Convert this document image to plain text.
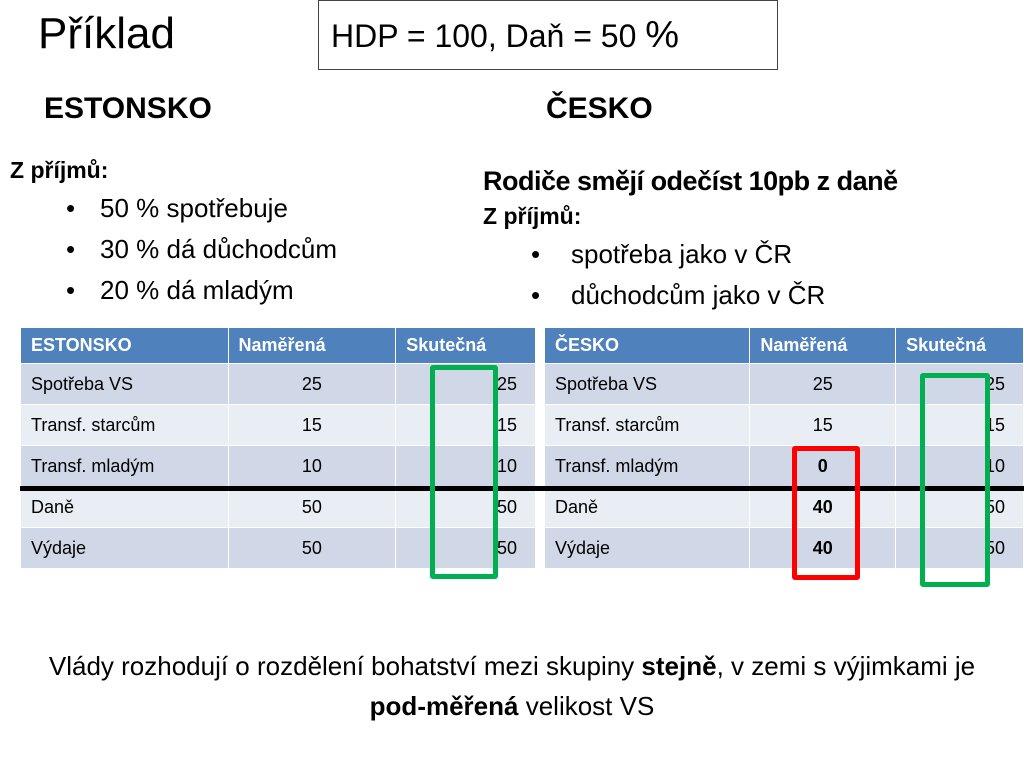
Příklad	HDP = 100, Daň = 50 %
ESTONSKO	ČESKO
Z příjmů:
• 50 % spotřebuje
• 30 % dá důchodcům
• 20 % dá mladým
Rodiče smějí odečíst 10pb z daně
Z příjmů:
• spotřeba jako v ČR
• důchodcům jako v ČR
ESTONSKO	Naměřená	Skutečná
Spotřeba VS	25	25
Transf. starcům	15	15
Transf. mladým	10	10
Daně	50	50
Výdaje	50	50
ČESKO	Naměřená	Skutečná
Spotřeba VS	25	25
Transf. starcům	15	15
Transf. mladým	0	10
Daně	40	50
Výdaje	40	50
Vlády rozhodují o rozdělení bohatství mezi skupiny stejně, v zemi s výjimkami je pod-měřená velikost VS
